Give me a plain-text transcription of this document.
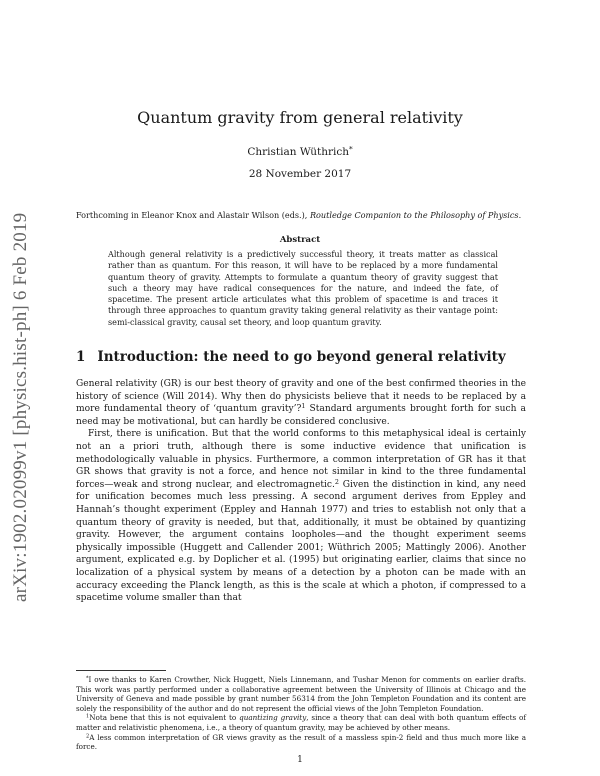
arXiv:1902.02099v1 [physics.hist-ph] 6 Feb 2019
Quantum gravity from general relativity
Christian Wüthrich*
28 November 2017
Forthcoming in Eleanor Knox and Alastair Wilson (eds.), Routledge Companion to the Philosophy of Physics.
Abstract

Although general relativity is a predictively successful theory, it treats matter as classical rather than as quantum. For this reason, it will have to be replaced by a more fundamental quantum theory of gravity. Attempts to formulate a quantum theory of gravity suggest that such a theory may have radical consequences for the nature, and indeed the fate, of spacetime. The present article articulates what this problem of spacetime is and traces it through three approaches to quantum gravity taking general relativity as their vantage point: semi-classical gravity, causal set theory, and loop quantum gravity.

1 Introduction: the need to go beyond general relativity

General relativity (GR) is our best theory of gravity and one of the best confirmed theories in the history of science (Will 2014). Why then do physicists believe that it needs to be replaced by a more fundamental theory of ‘quantum gravity’?$^1$ Standard arguments brought forth for such a need may be motivational, but can hardly be considered conclusive.

First, there is unification. But that the world conforms to this metaphysical ideal is certainly not an a priori truth, although there is some inductive evidence that unification is methodologically valuable in physics. Furthermore, a common interpretation of GR has it that GR shows that gravity is not a force, and hence not similar in kind to the three fundamental forces—weak and strong nuclear, and electromagnetic.$^2$ Given the distinction in kind, any need for unification becomes much less pressing. A second argument derives from Eppley and Hannah’s thought experiment (Eppley and Hannah 1977) and tries to establish not only that a quantum theory of gravity is needed, but that, additionally, it must be obtained by quantizing gravity. However, the argument contains loopholes—and the thought experiment seems physically impossible (Huggett and Callender 2001; Wüthrich 2005; Mattingly 2006). Another argument, explicated e.g. by Doplicher et al. (1995) but originating earlier, claims that since no localization of a physical system by means of a detection by a photon can be made with an accuracy exceeding the Planck length, as this is the scale at which a photon, if compressed to a spacetime volume smaller than that

*I owe thanks to Karen Crowther, Nick Huggett, Niels Linnemann, and Tushar Menon for comments on earlier drafts. This work was partly performed under a collaborative agreement between the University of Illinois at Chicago and the University of Geneva and made possible by grant number 56314 from the John Templeton Foundation and its content are solely the responsibility of the author and do not represent the official views of the John Templeton Foundation.

$^1$Nota bene that this is not equivalent to quantizing gravity, since a theory that can deal with both quantum effects of matter and relativistic phenomena, i.e., a theory of quantum gravity, may be achieved by other means.

$^2$A less common interpretation of GR views gravity as the result of a massless spin-2 field and thus much more like a force.

1
